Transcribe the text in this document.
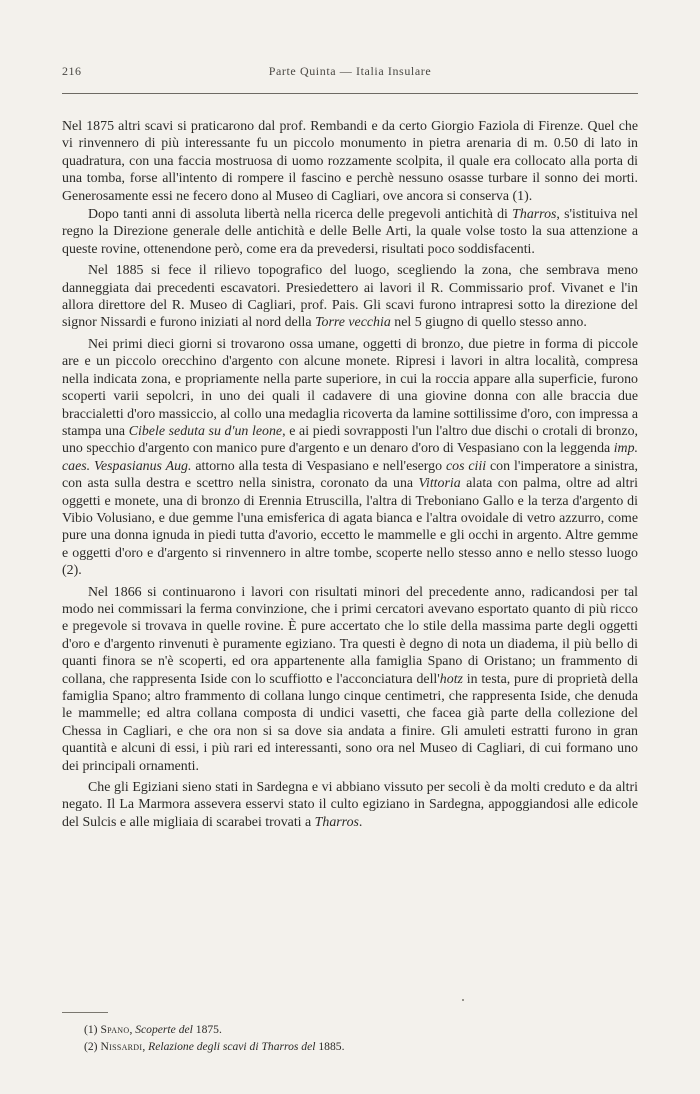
216	Parte Quinta — Italia Insulare

Nel 1875 altri scavi si praticarono dal prof. Rembandi e da certo Giorgio Faziola di Firenze. Quel che vi rinvennero di più interessante fu un piccolo monumento in pietra arenaria di m. 0.50 di lato in quadratura, con una faccia mostruosa di uomo rozzamente scolpita, il quale era collocato alla porta di una tomba, forse all'intento di rompere il fascino e perchè nessuno osasse turbare il sonno dei morti. Generosamente essi ne fecero dono al Museo di Cagliari, ove ancora si conserva (1).

Dopo tanti anni di assoluta libertà nella ricerca delle pregevoli antichità di Tharros, s'istituiva nel regno la Direzione generale delle antichità e delle Belle Arti, la quale volse tosto la sua attenzione a queste rovine, ottenendone però, come era da prevedersi, risultati poco soddisfacenti.

Nel 1885 si fece il rilievo topografico del luogo, scegliendo la zona, che sembrava meno danneggiata dai precedenti escavatori. Presiedettero ai lavori il R. Commissario prof. Vivanet e l'in allora direttore del R. Museo di Cagliari, prof. Pais. Gli scavi furono intrapresi sotto la direzione del signor Nissardi e furono iniziati al nord della Torre vecchia nel 5 giugno di quello stesso anno.

Nei primi dieci giorni si trovarono ossa umane, oggetti di bronzo, due pietre in forma di piccole are e un piccolo orecchino d'argento con alcune monete. Ripresi i lavori in altra località, compresa nella indicata zona, e propriamente nella parte superiore, in cui la roccia appare alla superficie, furono scoperti varii sepolcri, in uno dei quali il cadavere di una giovine donna con alle braccia due braccialetti d'oro massiccio, al collo una medaglia ricoverta da lamine sottilissime d'oro, con impressa a stampa una Cibele seduta su d'un leone, e ai piedi sovrapposti l'un l'altro due dischi o crotali di bronzo, uno specchio d'argento con manico pure d'argento e un denaro d'oro di Vespasiano con la leggenda imp. caes. Vespasianus Aug. attorno alla testa di Vespasiano e nell'esergo cos ciii con l'imperatore a sinistra, con asta sulla destra e scettro nella sinistra, coronato da una Vittoria alata con palma, oltre ad altri oggetti e monete, una di bronzo di Erennia Etruscilla, l'altra di Treboniano Gallo e la terza d'argento di Vibio Volusiano, e due gemme l'una emisferica di agata bianca e l'altra ovoidale di vetro azzurro, come pure una donna ignuda in piedi tutta d'avorio, eccetto le mammelle e gli occhi in argento. Altre gemme e oggetti d'oro e d'argento si rinvennero in altre tombe, scoperte nello stesso anno e nello stesso luogo (2).

Nel 1866 si continuarono i lavori con risultati minori del precedente anno, radicandosi per tal modo nei commissari la ferma convinzione, che i primi cercatori avevano esportato quanto di più ricco e pregevole si trovava in quelle rovine. È pure accertato che lo stile della massima parte degli oggetti d'oro e d'argento rinvenuti è puramente egiziano. Tra questi è degno di nota un diadema, il più bello di quanti finora se n'è scoperti, ed ora appartenente alla famiglia Spano di Oristano; un frammento di collana, che rappresenta Iside con lo scuffiotto e l'acconciatura dell'hotz in testa, pure di proprietà della famiglia Spano; altro frammento di collana lungo cinque centimetri, che rappresenta Iside, che denuda le mammelle; ed altra collana composta di undici vasetti, che facea già parte della collezione del Chessa in Cagliari, e che ora non si sa dove sia andata a finire. Gli amuleti estratti furono in gran quantità e alcuni di essi, i più rari ed interessanti, sono ora nel Museo di Cagliari, di cui formano uno dei principali ornamenti.

Che gli Egiziani sieno stati in Sardegna e vi abbiano vissuto per secoli è da molti creduto e da altri negato. Il La Marmora assevera esservi stato il culto egiziano in Sardegna, appoggiandosi alle edicole del Sulcis e alle migliaia di scarabei trovati a Tharros.

(1) Spano, Scoperte del 1875.
(2) Nissardi, Relazione degli scavi di Tharros del 1885.
